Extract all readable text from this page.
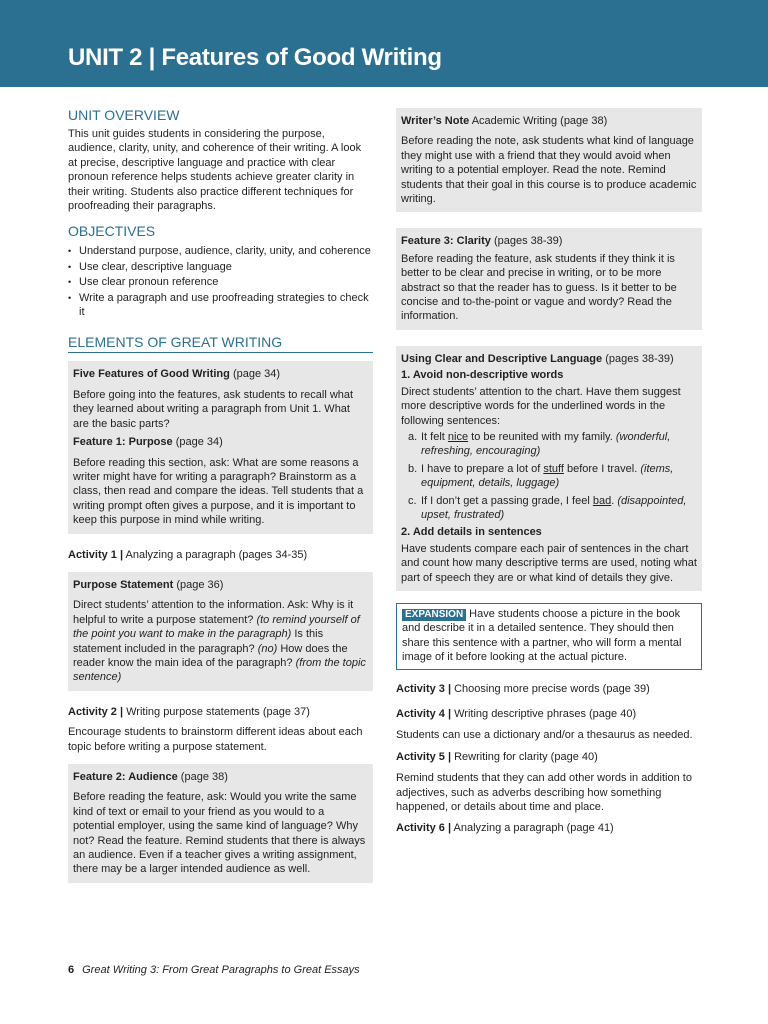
UNIT 2 | Features of Good Writing
UNIT OVERVIEW

This unit guides students in considering the purpose, audience, clarity, unity, and coherence of their writing. A look at precise, descriptive language and practice with clear pronoun reference helps students achieve greater clarity in their writing. Students also practice different techniques for proofreading their paragraphs.

OBJECTIVES
• Understand purpose, audience, clarity, unity, and coherence
• Use clear, descriptive language
• Use clear pronoun reference
• Write a paragraph and use proofreading strategies to check it
ELEMENTS OF GREAT WRITING

Five Features of Good Writing (page 34)

Before going into the features, ask students to recall what they learned about writing a paragraph from Unit 1. What are the basic parts?

Feature 1: Purpose (page 34)

Before reading this section, ask: What are some reasons a writer might have for writing a paragraph? Brainstorm as a class, then read and compare the ideas. Tell students that a writing prompt often gives a purpose, and it is important to keep this purpose in mind while writing.

Activity 1 | Analyzing a paragraph (pages 34-35)

Purpose Statement (page 36)

Direct students’ attention to the information. Ask: Why is it helpful to write a purpose statement? (to remind yourself of the point you want to make in the paragraph) Is this statement included in the paragraph? (no) How does the reader know the main idea of the paragraph? (from the topic sentence)

Activity 2 | Writing purpose statements (page 37)

Encourage students to brainstorm different ideas about each topic before writing a purpose statement.

Feature 2: Audience (page 38)

Before reading the feature, ask: Would you write the same kind of text or email to your friend as you would to a potential employer, using the same kind of language? Why not? Read the feature. Remind students that there is always an audience. Even if a teacher gives a writing assignment, there may be a larger intended audience as well.

Writer’s Note Academic Writing (page 38)

Before reading the note, ask students what kind of language they might use with a friend that they would avoid when writing to a potential employer. Read the note. Remind students that their goal in this course is to produce academic writing.

Feature 3: Clarity (pages 38-39)

Before reading the feature, ask students if they think it is better to be clear and precise in writing, or to be more abstract so that the reader has to guess. Is it better to be concise and to-the-point or vague and wordy? Read the information.

Using Clear and Descriptive Language (pages 38-39)

1. Avoid non-descriptive words

Direct students’ attention to the chart. Have them suggest more descriptive words for the underlined words in the following sentences:

a. It felt nice to be reunited with my family. (wonderful, refreshing, encouraging)

b. I have to prepare a lot of stuff before I travel. (items, equipment, details, luggage)

c. If I don’t get a passing grade, I feel bad. (disappointed, upset, frustrated)

2. Add details in sentences

Have students compare each pair of sentences in the chart and count how many descriptive terms are used, noting what part of speech they are or what kind of details they give.

EXPANSION Have students choose a picture in the book and describe it in a detailed sentence. They should then share this sentence with a partner, who will form a mental image of it before looking at the actual picture.

Activity 3 | Choosing more precise words (page 39)

Activity 4 | Writing descriptive phrases (page 40)

Students can use a dictionary and/or a thesaurus as needed.

Activity 5 | Rewriting for clarity (page 40)

Remind students that they can add other words in addition to adjectives, such as adverbs describing how something happened, or details about time and place.

Activity 6 | Analyzing a paragraph (page 41)

6 Great Writing 3: From Great Paragraphs to Great Essays
